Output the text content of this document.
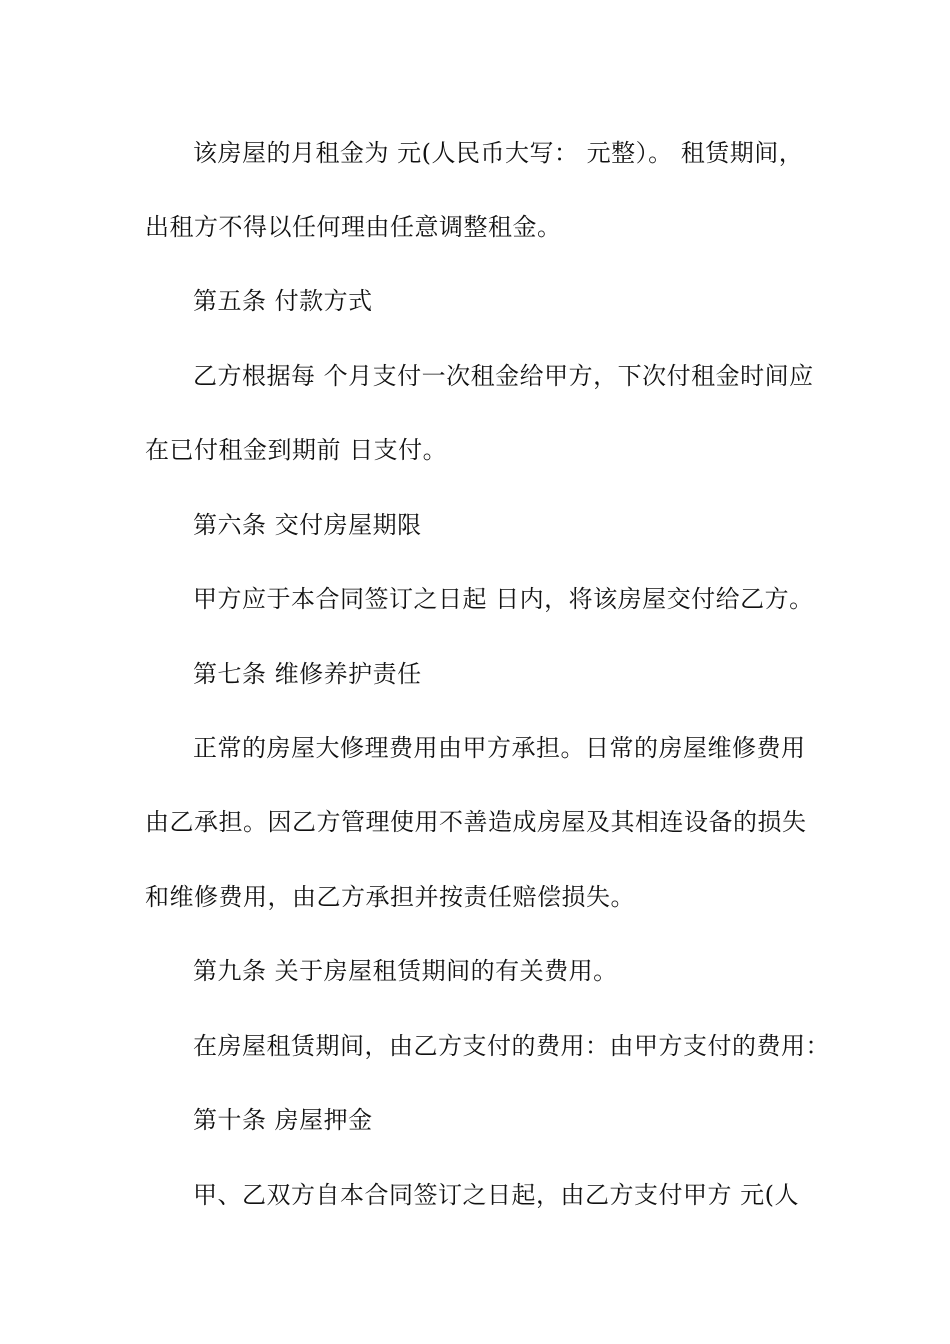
该房屋的月租金为 元(人民币大写： 元整）。 租赁期间，
出租方不得以任何理由任意调整租金。
第五条 付款方式
乙方根据每 个月支付一次租金给甲方，下次付租金时间应
在已付租金到期前 日支付。
第六条 交付房屋期限
甲方应于本合同签订之日起 日内，将该房屋交付给乙方。
第七条 维修养护责任
正常的房屋大修理费用由甲方承担。日常的房屋维修费用
由乙承担。因乙方管理使用不善造成房屋及其相连设备的损失
和维修费用，由乙方承担并按责任赔偿损失。
第九条 关于房屋租赁期间的有关费用。
在房屋租赁期间，由乙方支付的费用：由甲方支付的费用：
第十条 房屋押金
甲、乙双方自本合同签订之日起，由乙方支付甲方 元(人
